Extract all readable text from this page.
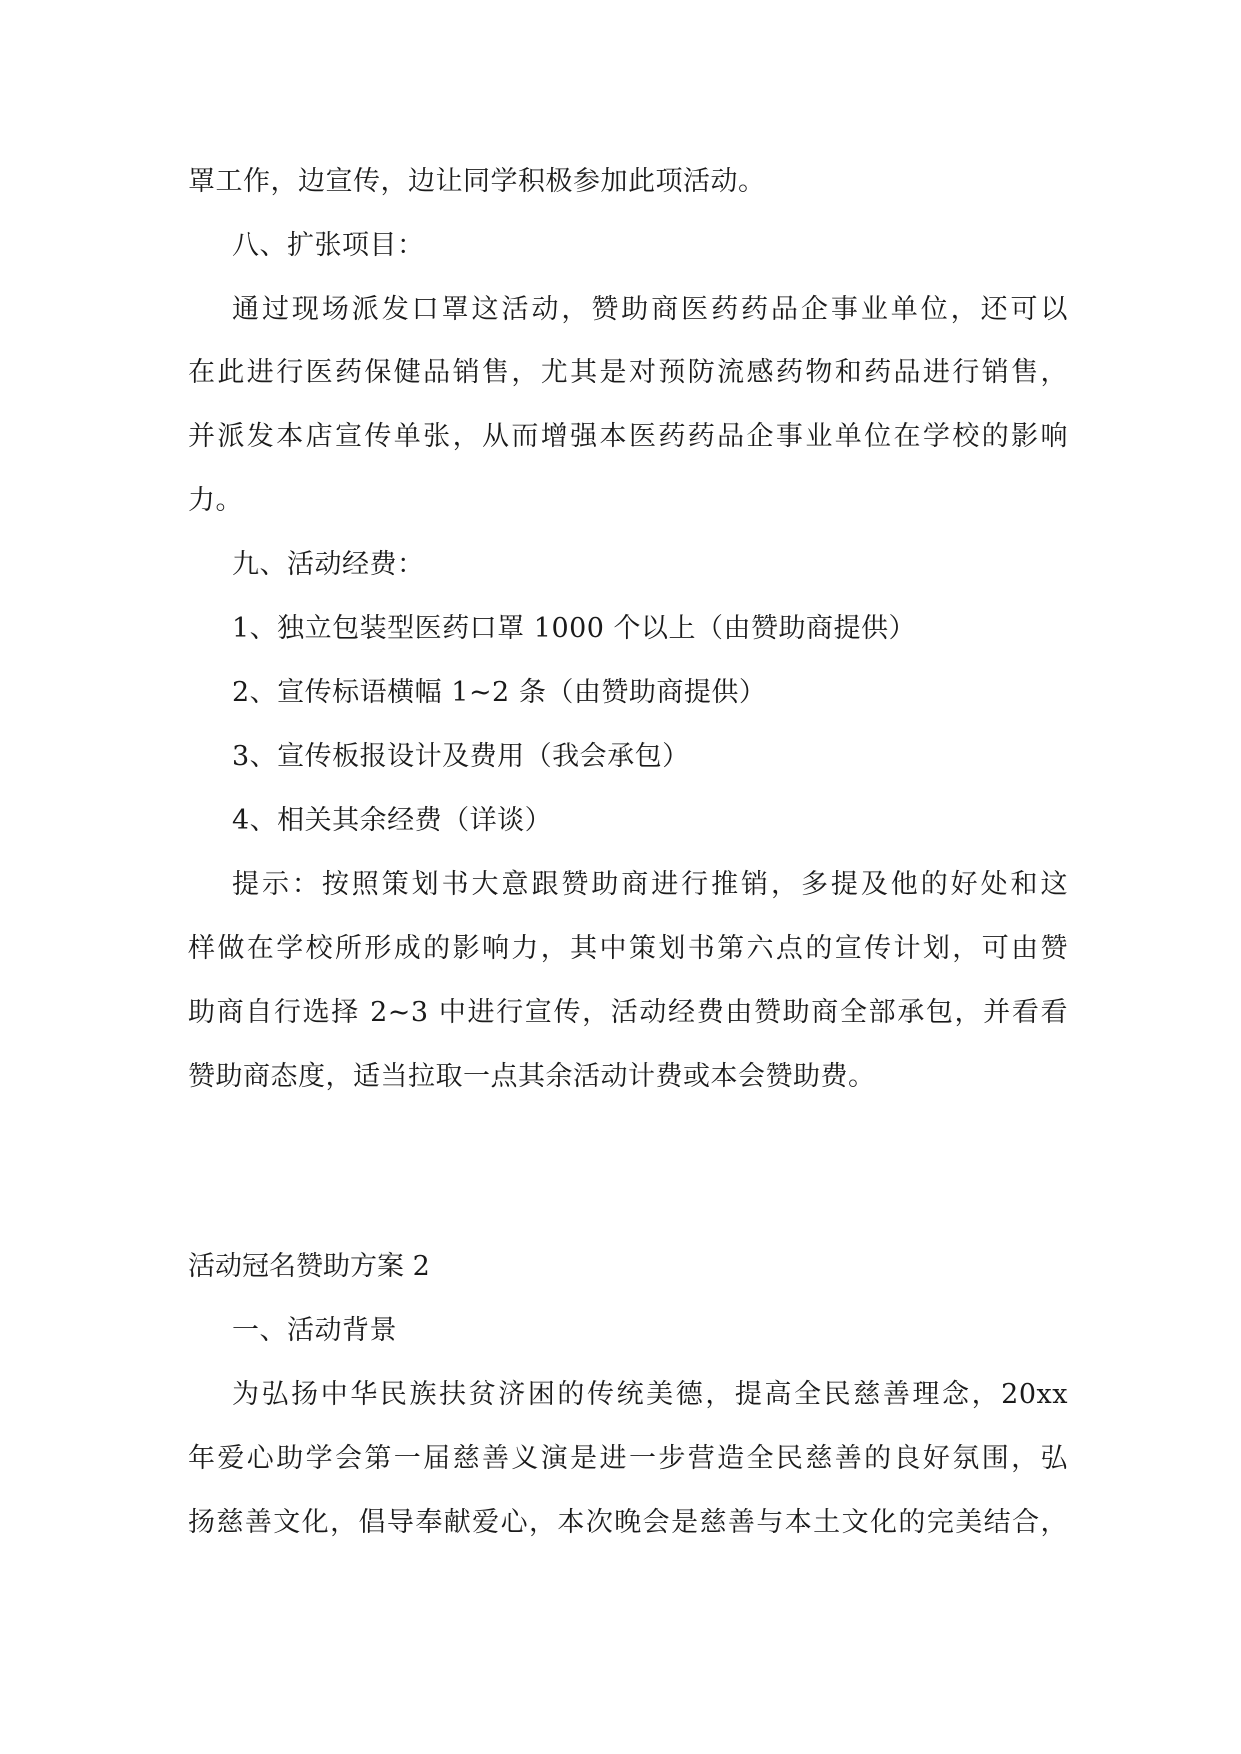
罩工作，边宣传，边让同学积极参加此项活动。
八、扩张项目：
通过现场派发口罩这活动，赞助商医药药品企事业单位，还可以
在此进行医药保健品销售，尤其是对预防流感药物和药品进行销售，
并派发本店宣传单张，从而增强本医药药品企事业单位在学校的影响
力。
九、活动经费：
1、独立包装型医药口罩 1000 个以上（由赞助商提供）
2、宣传标语横幅 1~2 条（由赞助商提供）
3、宣传板报设计及费用（我会承包）
4、相关其余经费（详谈）
提示：按照策划书大意跟赞助商进行推销，多提及他的好处和这
样做在学校所形成的影响力，其中策划书第六点的宣传计划，可由赞
助商自行选择 2~3 中进行宣传，活动经费由赞助商全部承包，并看看
赞助商态度，适当拉取一点其余活动计费或本会赞助费。
活动冠名赞助方案 2
一、活动背景
为弘扬中华民族扶贫济困的传统美德，提高全民慈善理念，20xx
年爱心助学会第一届慈善义演是进一步营造全民慈善的良好氛围，弘
扬慈善文化，倡导奉献爱心，本次晚会是慈善与本土文化的完美结合，
